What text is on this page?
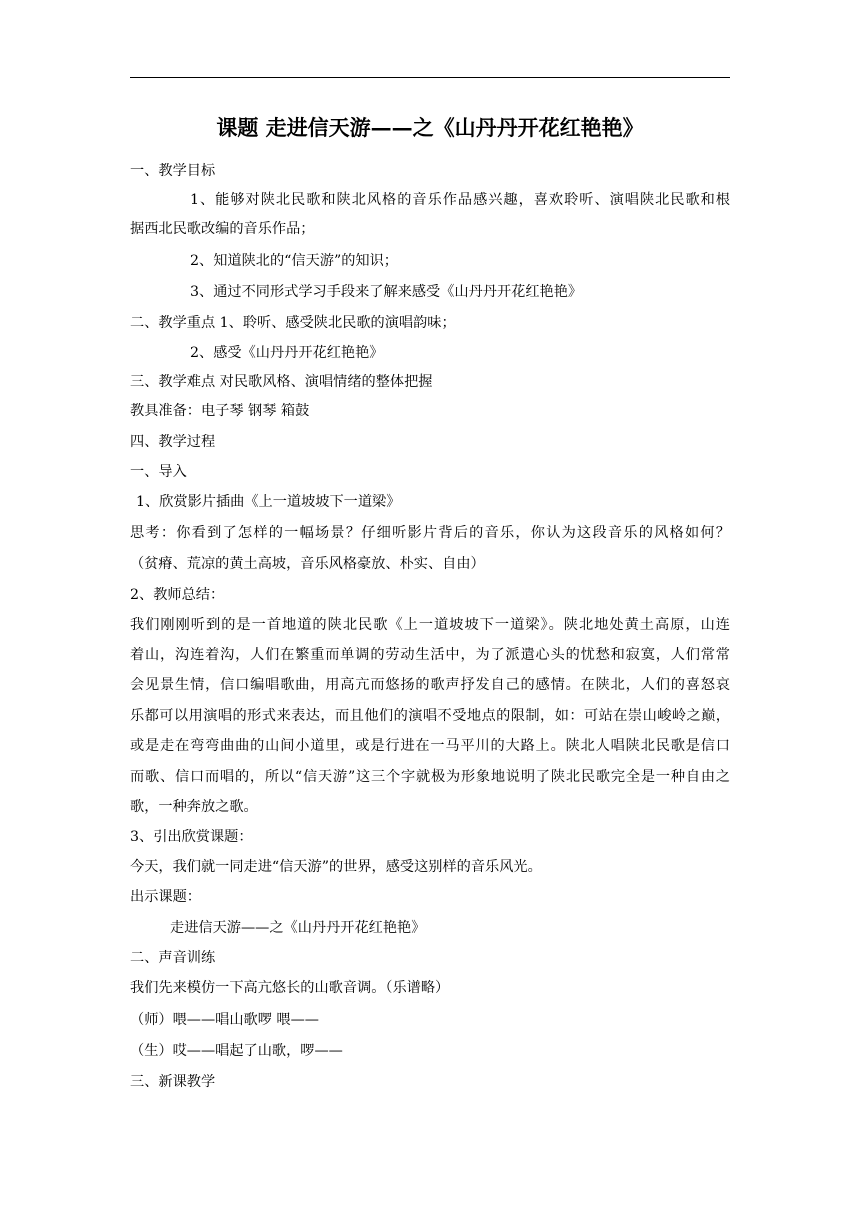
课题 走进信天游——之《山丹丹开花红艳艳》
一、教学目标
1、能够对陕北民歌和陕北风格的音乐作品感兴趣，喜欢聆听、演唱陕北民歌和根
据西北民歌改编的音乐作品；
2、知道陕北的“信天游”的知识；
3、通过不同形式学习手段来了解来感受《山丹丹开花红艳艳》
二、教学重点 1、聆听、感受陕北民歌的演唱韵味；
2、感受《山丹丹开花红艳艳》
三、教学难点 对民歌风格、演唱情绪的整体把握
教具准备：电子琴 钢琴 箱鼓
四、教学过程
一、导入
1、欣赏影片插曲《上一道坡坡下一道梁》
思考：你看到了怎样的一幅场景？仔细听影片背后的音乐，你认为这段音乐的风格如何？
（贫瘠、荒凉的黄土高坡，音乐风格豪放、朴实、自由）
2、教师总结：
我们刚刚听到的是一首地道的陕北民歌《上一道坡坡下一道梁》。陕北地处黄土高原，山连
着山，沟连着沟，人们在繁重而单调的劳动生活中，为了派遣心头的忧愁和寂寞，人们常常
会见景生情，信口编唱歌曲，用高亢而悠扬的歌声抒发自己的感情。在陕北，人们的喜怒哀
乐都可以用演唱的形式来表达，而且他们的演唱不受地点的限制，如：可站在崇山峻岭之巅，
或是走在弯弯曲曲的山间小道里，或是行进在一马平川的大路上。陕北人唱陕北民歌是信口
而歌、信口而唱的，所以“信天游”这三个字就极为形象地说明了陕北民歌完全是一种自由之
歌，一种奔放之歌。
3、引出欣赏课题：
今天，我们就一同走进“信天游”的世界，感受这别样的音乐风光。
出示课题：
走进信天游——之《山丹丹开花红艳艳》
二、声音训练
我们先来模仿一下高亢悠长的山歌音调。（乐谱略）
（师）喂——唱山歌啰 喂——
（生）哎——唱起了山歌，啰——
三、新课教学
